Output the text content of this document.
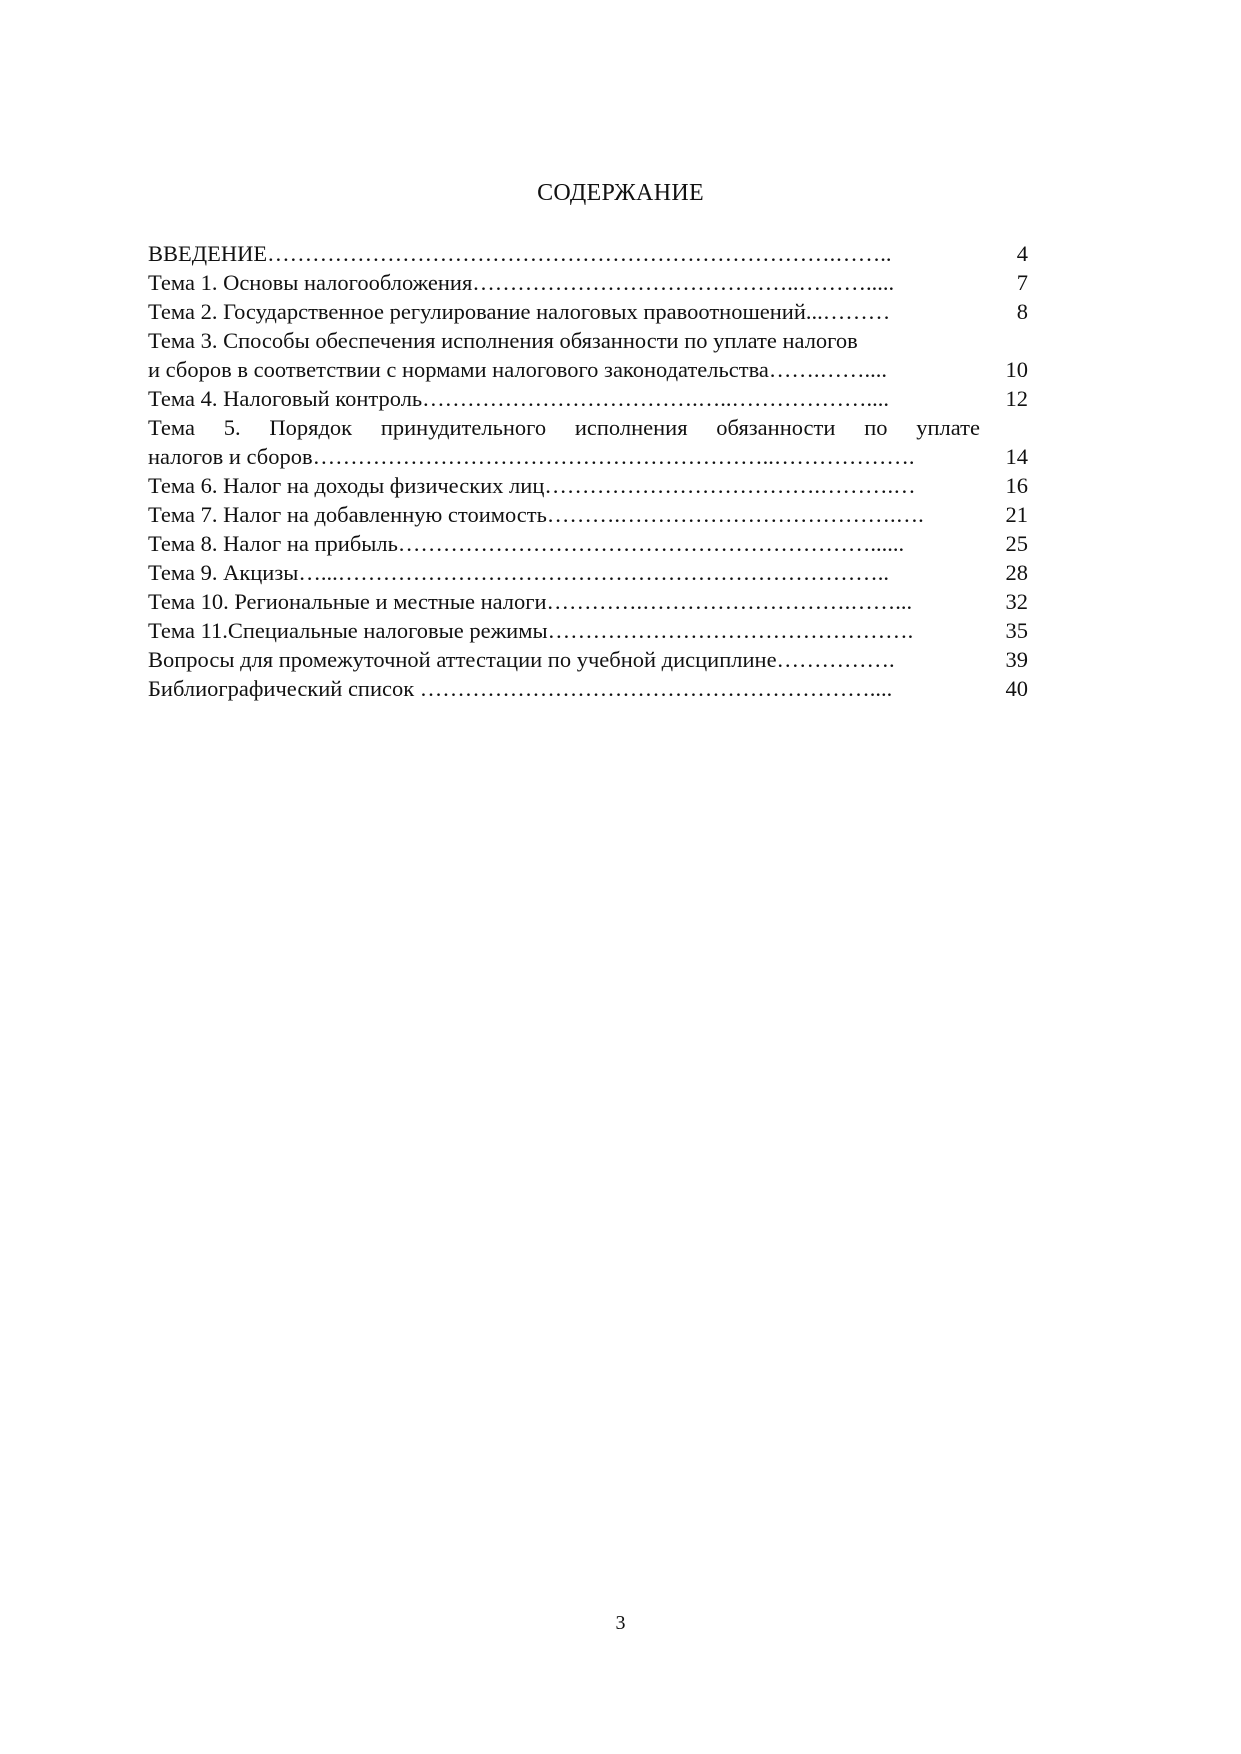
СОДЕРЖАНИЕ
ВВЕДЕНИЕ………………………………………………………………….……..	4
Тема 1. Основы налогообложения……………………………………..……….....	7
Тема 2. Государственное регулирование налоговых правоотношений...………	8
Тема 3. Способы обеспечения исполнения обязанности по уплате налогов
и сборов в соответствии с нормами налогового законодательства…….……....	10
Тема 4. Налоговый контроль……………………………….…..………………....	12
Тема 5. Порядок принудительного исполнения обязанности по уплате
налогов и сборов……………………………………………………..……………….	14
Тема 6. Налог на доходы физических лиц……………………………….……….…	16
Тема 7. Налог на добавленную стоимость……….……………………………….….	21
Тема 8. Налог на прибыль………………………………………………………......	25
Тема 9. Акцизы…...………………………………………………………………..	28
Тема 10. Региональные и местные налоги………….……………………….……...	32
Тема 11.Специальные налоговые режимы………………………………………….	35
Вопросы для промежуточной аттестации по учебной дисциплине…………….	39
Библиографический список ……………………………………………………....	40
3
